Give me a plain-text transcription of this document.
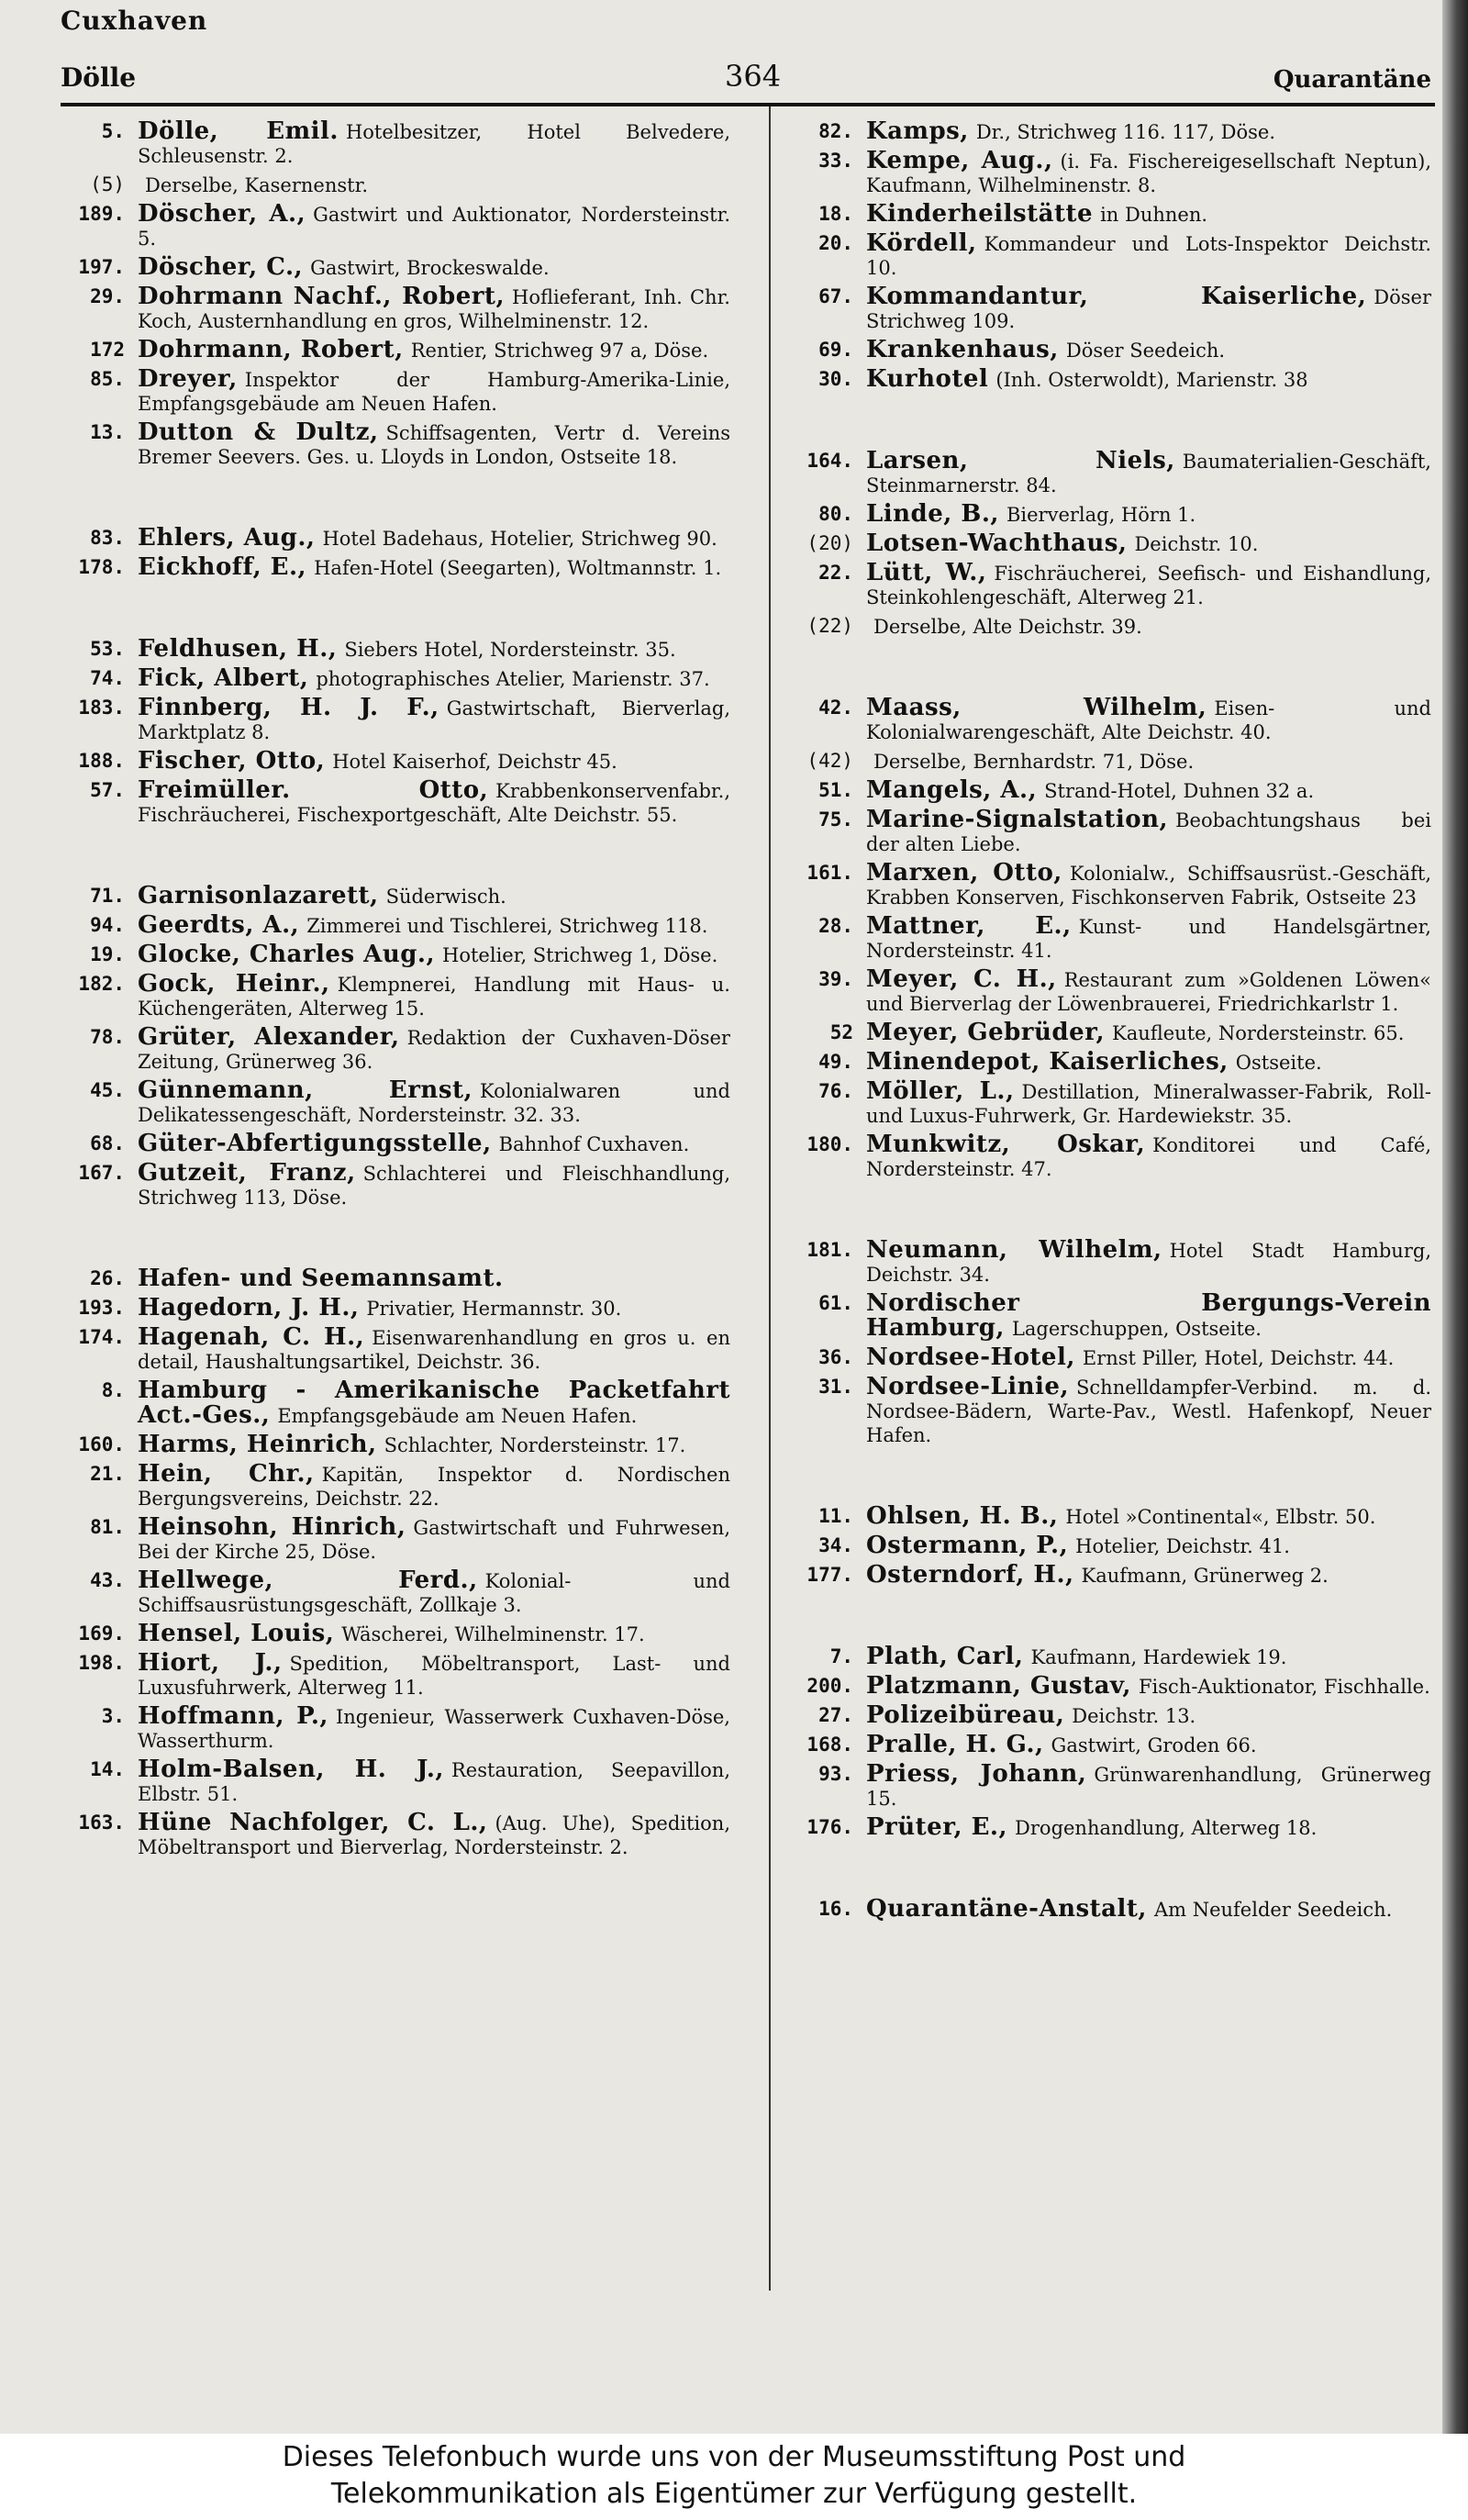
Cuxhaven
Dölle	364	Quarantäne
5. Dölle, Emil. Hotelbesitzer, Hotel Belvedere, Schleusenstr. 2.
(5)	Derselbe, Kasernenstr.
189. Döscher, A., Gastwirt und Auktionator, Nordersteinstr. 5.
197. Döscher, C., Gastwirt, Brockeswalde.
29. Dohrmann Nachf., Robert, Hoflieferant, Inh. Chr. Koch, Austernhandlung en gros, Wilhelminenstr. 12.
172 Dohrmann, Robert, Rentier, Strichweg 97 a, Döse.
85. Dreyer, Inspektor der Hamburg-Amerika-Linie, Empfangsgebäude am Neuen Hafen.
13. Dutton & Dultz, Schiffsagenten, Vertr d. Vereins Bremer Seevers. Ges. u. Lloyds in London, Ostseite 18.
83. Ehlers, Aug., Hotel Badehaus, Hotelier, Strichweg 90.
178. Eickhoff, E., Hafen-Hotel (Seegarten), Woltmannstr. 1.
53. Feldhusen, H., Siebers Hotel, Nordersteinstr. 35.
74. Fick, Albert, photographisches Atelier, Marienstr. 37.
183. Finnberg, H. J. F., Gastwirtschaft, Bierverlag, Marktplatz 8.
188. Fischer, Otto, Hotel Kaiserhof, Deichstr 45.
57. Freimüller. Otto, Krabbenkonservenfabr., Fischräucherei, Fischexportgeschäft, Alte Deichstr. 55.
71. Garnisonlazarett, Süderwisch.
94. Geerdts, A., Zimmerei und Tischlerei, Strichweg 118.
19. Glocke, Charles Aug., Hotelier, Strichweg 1, Döse.
182. Gock, Heinr., Klempnerei, Handlung mit Haus- u. Küchengeräten, Alterweg 15.
78. Grüter, Alexander, Redaktion der Cuxhaven-Döser Zeitung, Grünerweg 36.
45. Günnemann, Ernst, Kolonialwaren und Delikatessengeschäft, Nordersteinstr. 32. 33.
68. Güter-Abfertigungsstelle, Bahnhof Cuxhaven.
167. Gutzeit, Franz, Schlachterei und Fleischhandlung, Strichweg 113, Döse.
26. Hafen- und Seemannsamt.
193. Hagedorn, J. H., Privatier, Hermannstr. 30.
174. Hagenah, C. H., Eisenwarenhandlung en gros u. en detail, Haushaltungsartikel, Deichstr. 36.
8. Hamburg - Amerikanische Packetfahrt Act.-Ges., Empfangsgebäude am Neuen Hafen.
160. Harms, Heinrich, Schlachter, Nordersteinstr. 17.
21. Hein, Chr., Kapitän, Inspektor d. Nordischen Bergungsvereins, Deichstr. 22.
81. Heinsohn, Hinrich, Gastwirtschaft und Fuhrwesen, Bei der Kirche 25, Döse.
43. Hellwege, Ferd., Kolonial- und Schiffsausrüstungsgeschäft, Zollkaje 3.
169. Hensel, Louis, Wäscherei, Wilhelminenstr. 17.
198. Hiort, J., Spedition, Möbeltransport, Last- und Luxusfuhrwerk, Alterweg 11.
3. Hoffmann, P., Ingenieur, Wasserwerk Cuxhaven-Döse, Wasserthurm.
14. Holm-Balsen, H. J., Restauration, Seepavillon, Elbstr. 51.
163. Hüne Nachfolger, C. L., (Aug. Uhe), Spedition, Möbeltransport und Bierverlag, Nordersteinstr. 2.
82. Kamps, Dr., Strichweg 116. 117, Döse.
33. Kempe, Aug., (i. Fa. Fischereigesellschaft Neptun), Kaufmann, Wilhelminenstr. 8.
18. Kinderheilstätte in Duhnen.
20. Kördell, Kommandeur und Lots-Inspektor Deichstr. 10.
67. Kommandantur, Kaiserliche, Döser Strichweg 109.
69. Krankenhaus, Döser Seedeich.
30. Kurhotel (Inh. Osterwoldt), Marienstr. 38
164. Larsen, Niels, Baumaterialien-Geschäft, Steinmarnerstr. 84.
80. Linde, B., Bierverlag, Hörn 1.
(20) Lotsen-Wachthaus, Deichstr. 10.
22. Lütt, W., Fischräucherei, Seefisch- und Eishandlung, Steinkohlengeschäft, Alterweg 21.
(22)	Derselbe, Alte Deichstr. 39.
42. Maass, Wilhelm, Eisen- und Kolonialwarengeschäft, Alte Deichstr. 40.
(42)	Derselbe, Bernhardstr. 71, Döse.
51. Mangels, A., Strand-Hotel, Duhnen 32 a.
75. Marine-Signalstation, Beobachtungshaus bei der alten Liebe.
161. Marxen, Otto, Kolonialw., Schiffsausrüst.-Geschäft, Krabben Konserven, Fischkonserven Fabrik, Ostseite 23
28. Mattner, E., Kunst- und Handelsgärtner, Nordersteinstr. 41.
39. Meyer, C. H., Restaurant zum »Goldenen Löwen« und Bierverlag der Löwenbrauerei, Friedrichkarlstr 1.
52 Meyer, Gebrüder, Kaufleute, Nordersteinstr. 65.
49. Minendepot, Kaiserliches, Ostseite.
76. Möller, L., Destillation, Mineralwasser-Fabrik, Roll- und Luxus-Fuhrwerk, Gr. Hardewiekstr. 35.
180. Munkwitz, Oskar, Konditorei und Café, Nordersteinstr. 47.
181. Neumann, Wilhelm, Hotel Stadt Hamburg, Deichstr. 34.
61. Nordischer Bergungs-Verein Hamburg, Lagerschuppen, Ostseite.
36. Nordsee-Hotel, Ernst Piller, Hotel, Deichstr. 44.
31. Nordsee-Linie, Schnelldampfer-Verbind. m. d. Nordsee-Bädern, Warte-Pav., Westl. Hafenkopf, Neuer Hafen.
11. Ohlsen, H. B., Hotel »Continental«, Elbstr. 50.
34. Ostermann, P., Hotelier, Deichstr. 41.
177. Osterndorf, H., Kaufmann, Grünerweg 2.
7. Plath, Carl, Kaufmann, Hardewiek 19.
200. Platzmann, Gustav, Fisch-Auktionator, Fischhalle.
27. Polizeibüreau, Deichstr. 13.
168. Pralle, H. G., Gastwirt, Groden 66.
93. Priess, Johann, Grünwarenhandlung, Grünerweg 15.
176. Prüter, E., Drogenhandlung, Alterweg 18.
16. Quarantäne-Anstalt, Am Neufelder Seedeich.
Dieses Telefonbuch wurde uns von der Museumsstiftung Post und
Telekommunikation als Eigentümer zur Verfügung gestellt.
